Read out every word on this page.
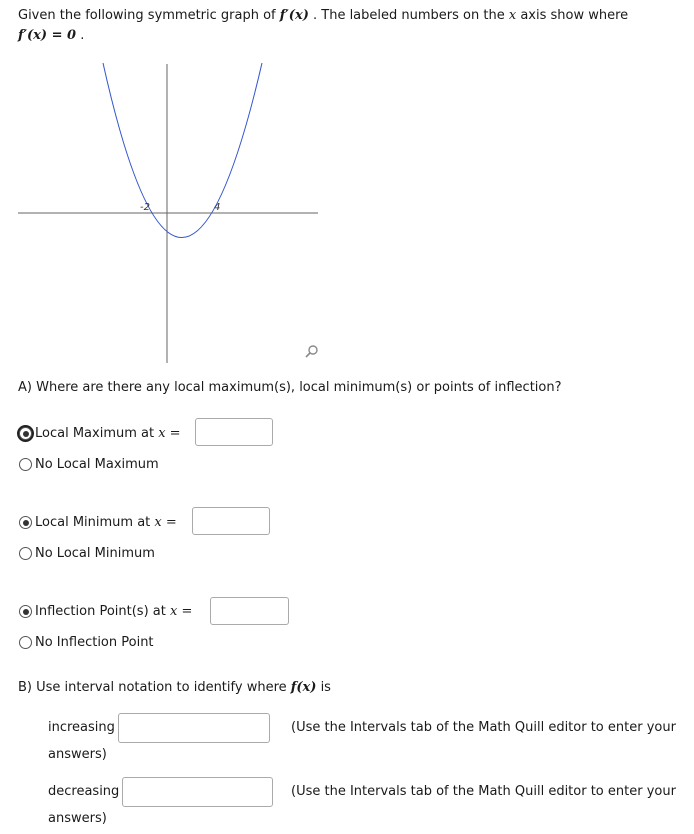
Given the following symmetric graph of f′(x) . The labeled numbers on the x axis show where
f′(x) = 0 .
-2	4
A) Where are there any local maximum(s), local minimum(s) or points of inflection?
Local Maximum at x =
No Local Maximum
Local Minimum at x =
No Local Minimum
Inflection Point(s) at x =
No Inflection Point
B) Use interval notation to identify where f(x) is
increasing	(Use the Intervals tab of the Math Quill editor to enter your
answers)
decreasing	(Use the Intervals tab of the Math Quill editor to enter your
answers)
